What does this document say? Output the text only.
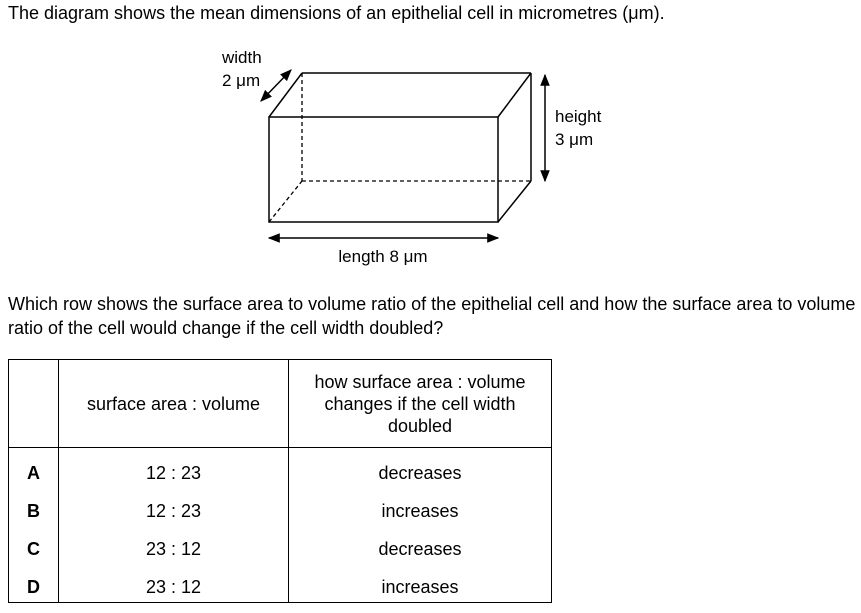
The diagram shows the mean dimensions of an epithelial cell in micrometres (μm).
width
2 μm
height
3 μm
length 8 μm
Which row shows the surface area to volume ratio of the epithelial cell and how the surface area to volume ratio of the cell would change if the cell width doubled?
	surface area : volume	how surface area : volume changes if the cell width doubled

A	12 : 23	decreases
B	12 : 23	increases
C	23 : 12	decreases
D	23 : 12	increases
